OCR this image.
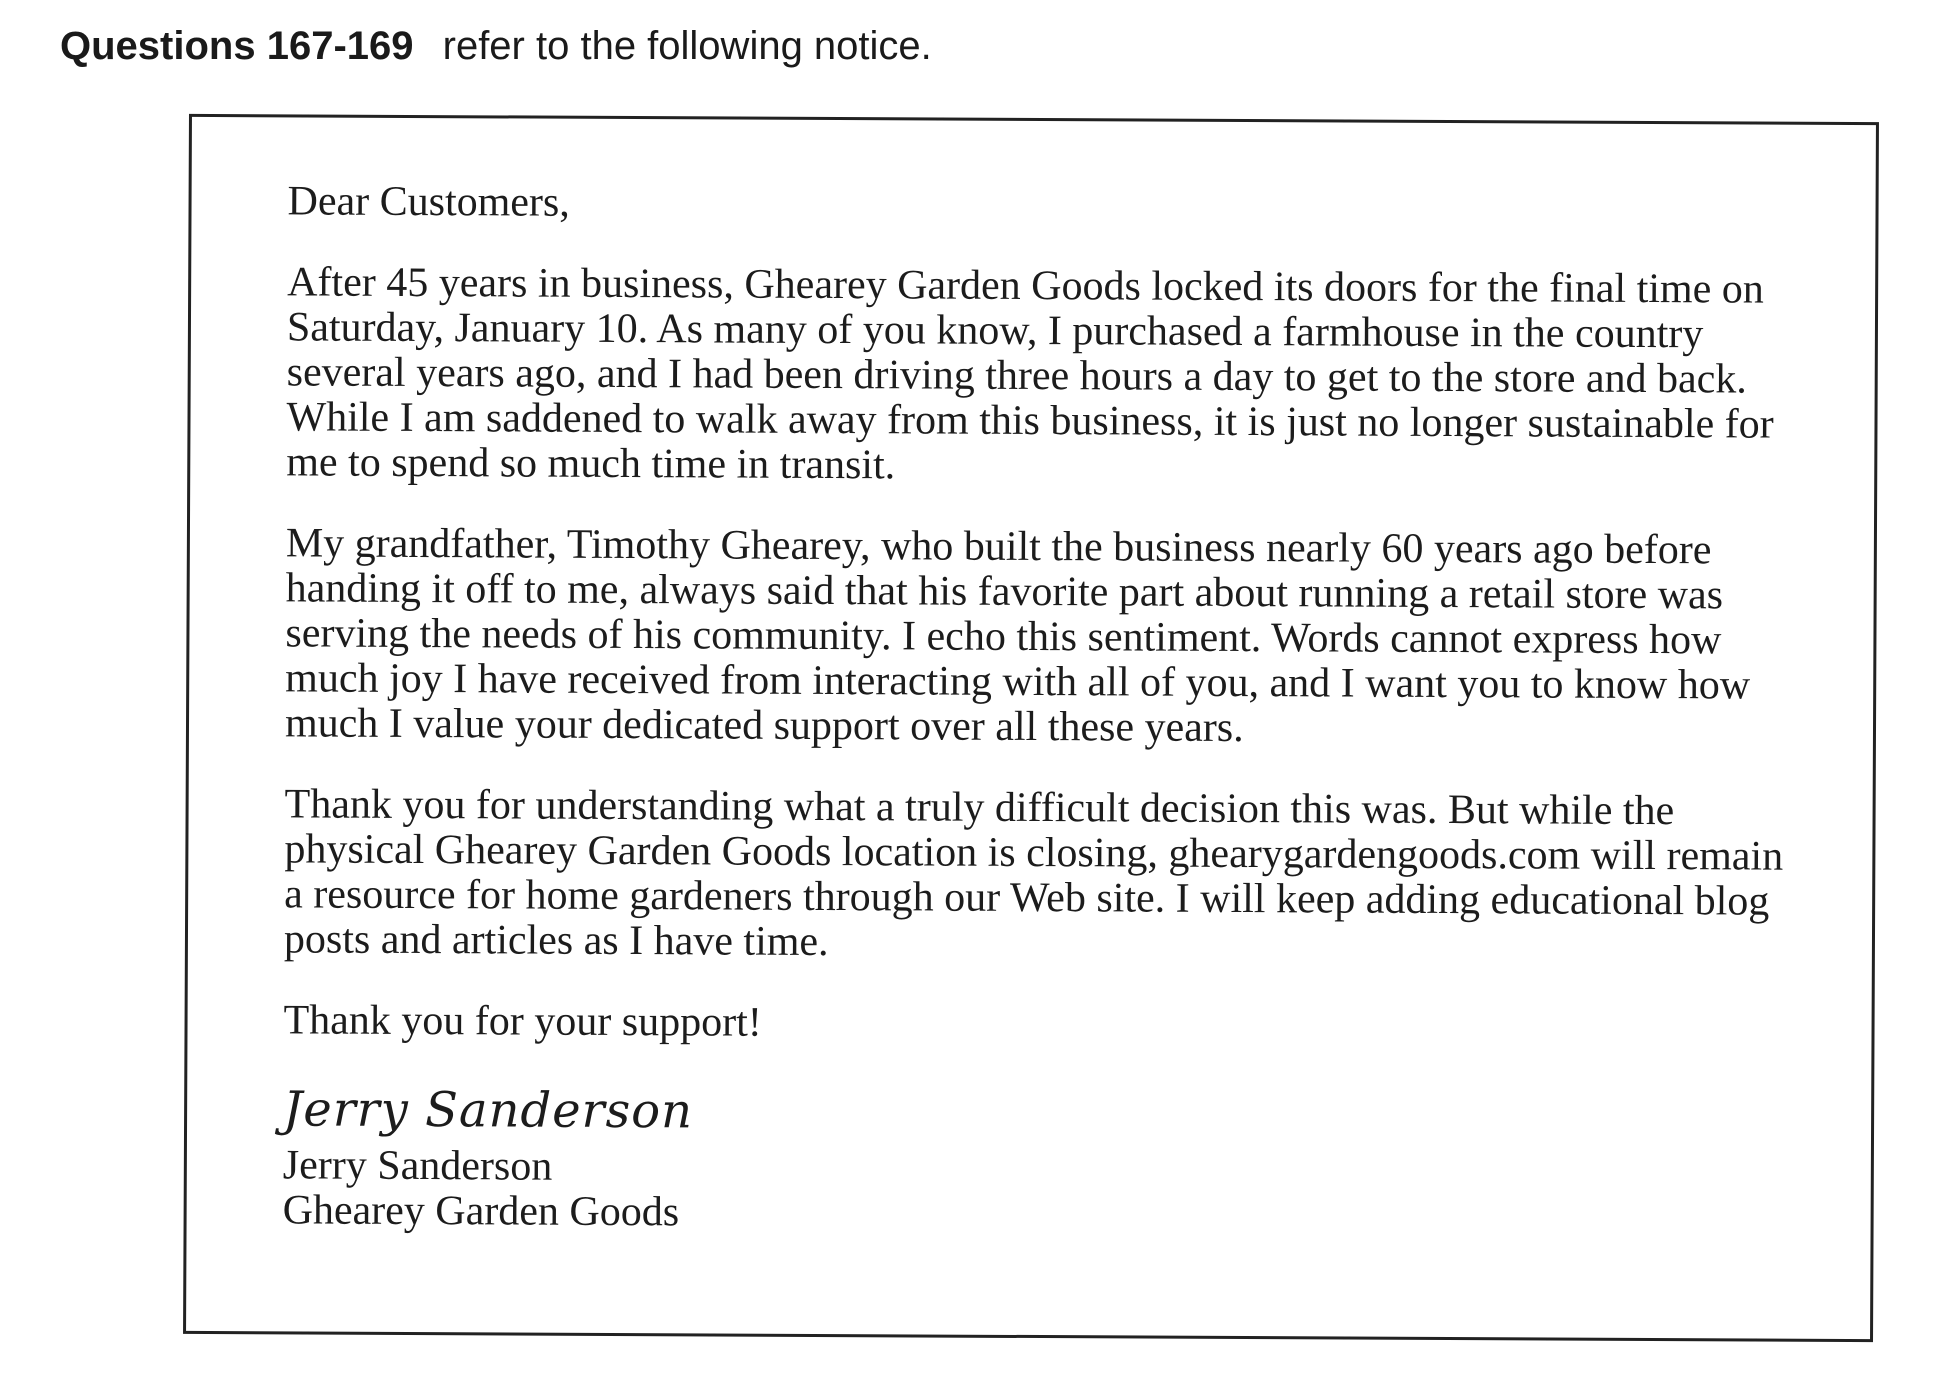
Questions 167-169 refer to the following notice.

Dear Customers,

After 45 years in business, Ghearey Garden Goods locked its doors for the final time on Saturday, January 10. As many of you know, I purchased a farmhouse in the country several years ago, and I had been driving three hours a day to get to the store and back. While I am saddened to walk away from this business, it is just no longer sustainable for me to spend so much time in transit.

My grandfather, Timothy Ghearey, who built the business nearly 60 years ago before handing it off to me, always said that his favorite part about running a retail store was serving the needs of his community. I echo this sentiment. Words cannot express how much joy I have received from interacting with all of you, and I want you to know how much I value your dedicated support over all these years.

Thank you for understanding what a truly difficult decision this was. But while the physical Ghearey Garden Goods location is closing, ghearygardengoods.com will remain a resource for home gardeners through our Web site. I will keep adding educational blog posts and articles as I have time.

Thank you for your support!

Jerry Sanderson
Jerry Sanderson
Ghearey Garden Goods
